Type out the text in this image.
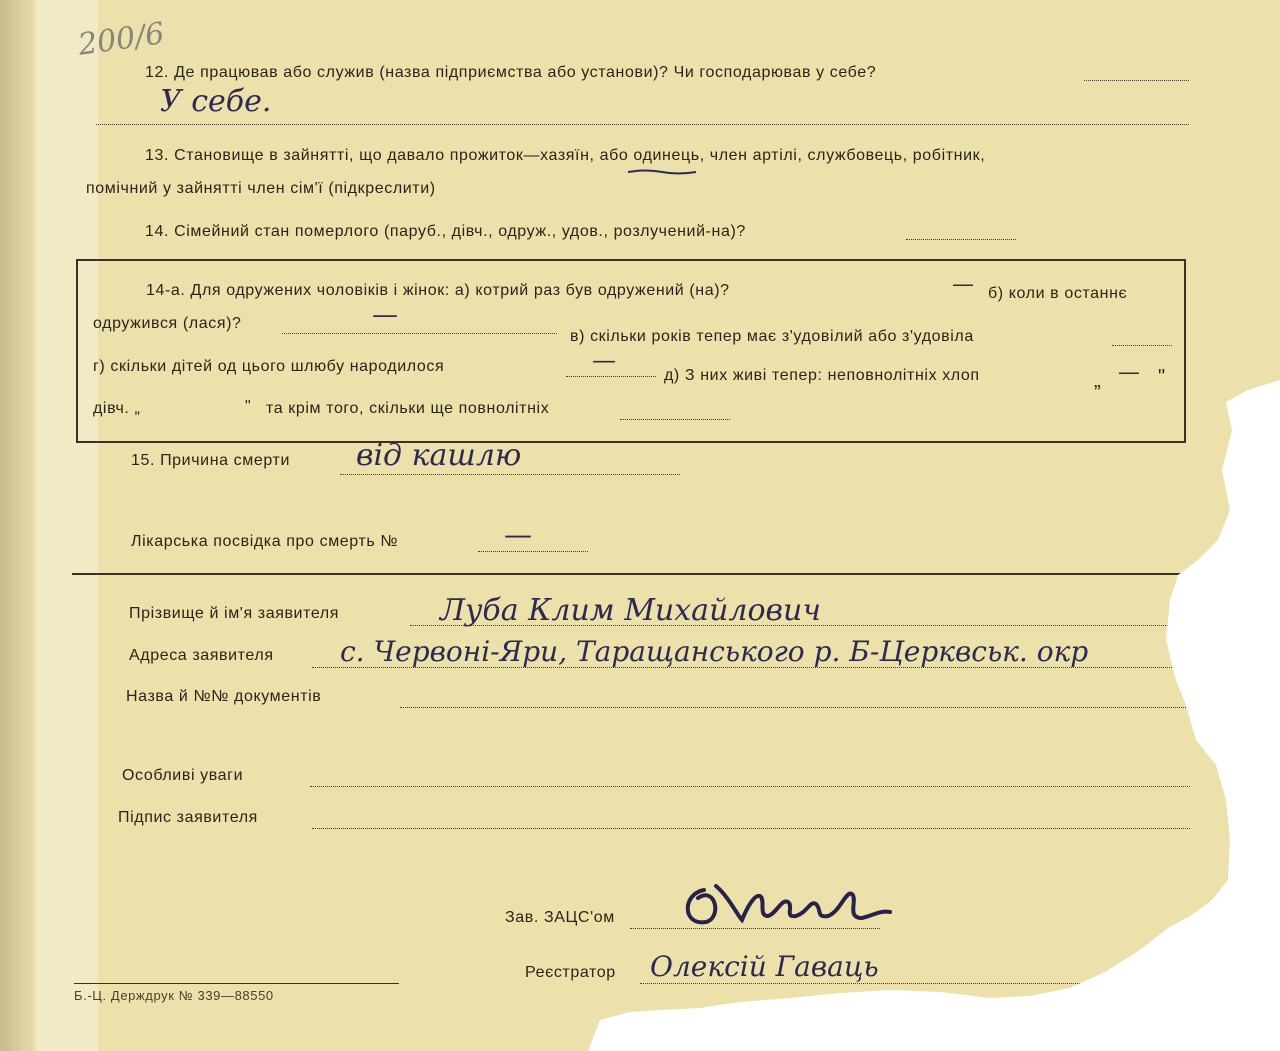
200/6
12. Де працював або служив (назва підприємства або установи)? Чи господарював у себе?
У себе.
13. Становище в зайнятті, що давало прожиток—хазяїн, або одинець, член артілі, службовець, робітник,
помічний у зайнятті член сім'ї (підкреслити)
14. Сімейний стан померлого (паруб., дівч., одруж., удов., розлучений-на)?
14-а. Для одружених чоловіків і жінок: а) котрий раз був одружений (на)?	— б) коли в останнє
одружився (лася)?	—
в) скільки років тепер має з'удовілий або з'удовіла
г) скільки дітей од цього шлюбу народилося	—
д) З них живі тепер: неповнолітніх хлоп	„ — "
дівч. „	" та крім того, скільки ще повнолітніх
15. Причина смерти від кашлю
Лікарська посвідка про смерть №	—
Прізвище й ім'я заявителя	Луба Клим Михайлович
Адреса заявителя с. Червоні-Яри, Таращанського р. Б-Церквськ. окр
Назва й №№ документів
Особливі уваги
Підпис заявителя
Зав. ЗАЦС'ом
Реєстратор Олексій Гаваць
Б.-Ц. Держдрук № 339—88550
